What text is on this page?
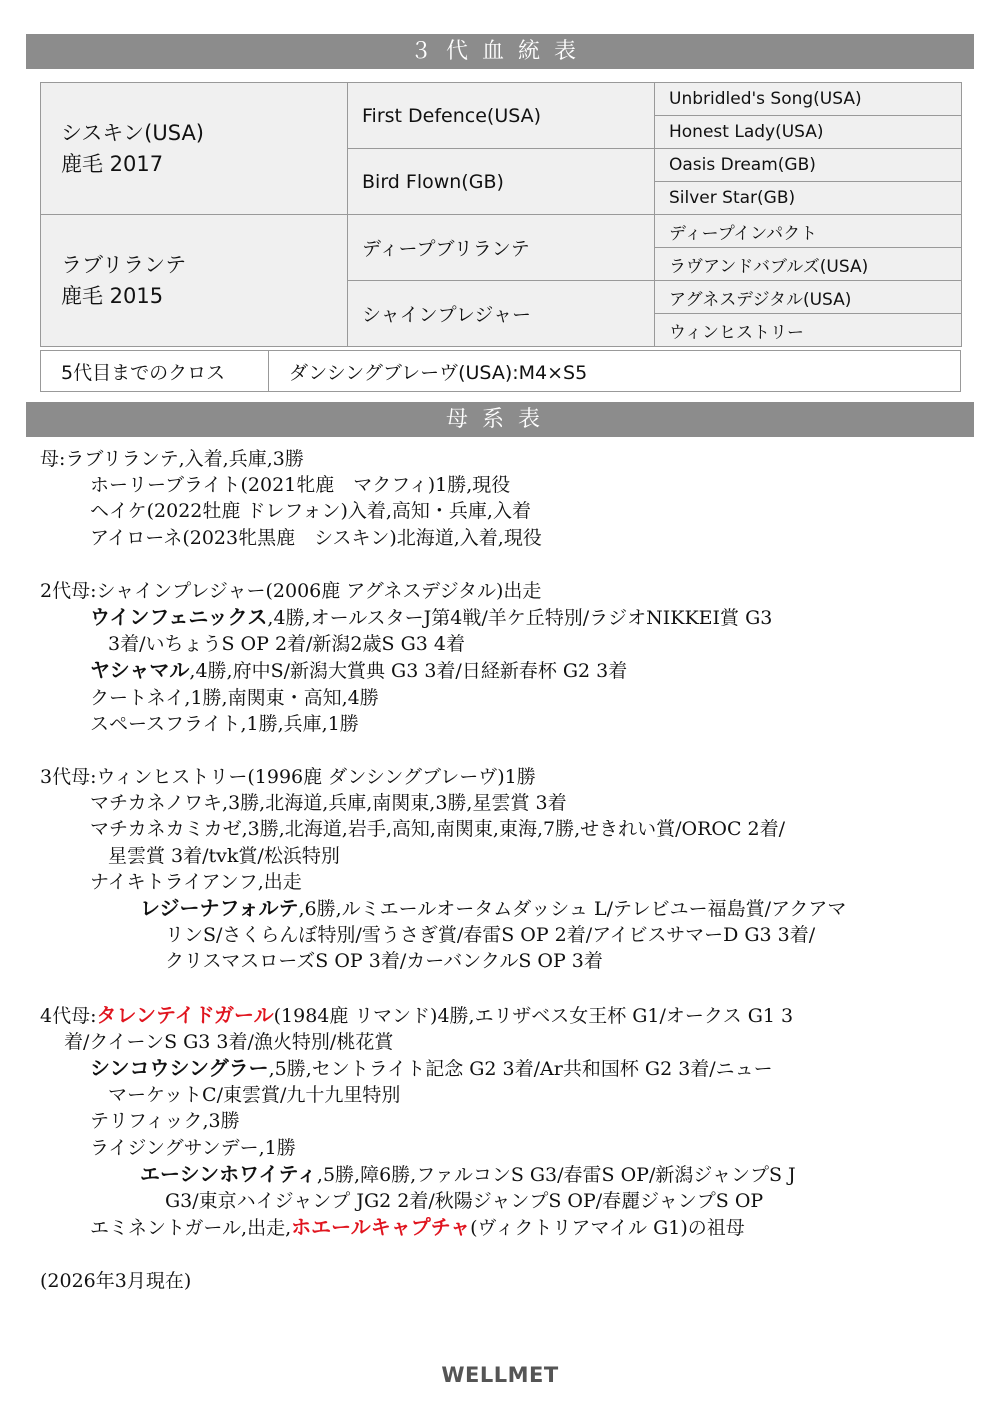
３代血統表
シスキン(USA)
鹿毛 2017	First Defence(USA)	Unbridled's Song(USA)
		Honest Lady(USA)
	Bird Flown(GB)	Oasis Dream(GB)
		Silver Star(GB)

ラブリランテ
鹿毛 2015	ディープブリランテ	ディープインパクト
		ラヴアンドバブルズ(USA)
	シャインプレジャー	アグネスデジタル(USA)
		ウィンヒストリー
5代目までのクロス	ダンシングブレーヴ(USA):M4×S5
母系表

母:ラブリランテ,入着,兵庫,3勝

ホーリーブライト(2021牝鹿　マクフィ)1勝,現役

ヘイケ(2022牡鹿 ドレフォン)入着,高知・兵庫,入着

アイローネ(2023牝黒鹿　シスキン)北海道,入着,現役

2代母:シャインプレジャー(2006鹿 アグネスデジタル)出走

ウインフェニックス,4勝,オールスターJ第4戦/羊ケ丘特別/ラジオNIKKEI賞 G3

3着/いちょうS OP 2着/新潟2歳S G3 4着

ヤシャマル,4勝,府中S/新潟大賞典 G3 3着/日経新春杯 G2 3着

クートネイ,1勝,南関東・高知,4勝

スペースフライト,1勝,兵庫,1勝

3代母:ウィンヒストリー(1996鹿 ダンシングブレーヴ)1勝

マチカネノワキ,3勝,北海道,兵庫,南関東,3勝,星雲賞 3着

マチカネカミカゼ,3勝,北海道,岩手,高知,南関東,東海,7勝,せきれい賞/OROC 2着/

星雲賞 3着/tvk賞/松浜特別

ナイキトライアンフ,出走

レジーナフォルテ,6勝,ルミエールオータムダッシュ L/テレビユー福島賞/アクアマ

リンS/さくらんぼ特別/雪うさぎ賞/春雷S OP 2着/アイビスサマーD G3 3着/

クリスマスローズS OP 3着/カーバンクルS OP 3着

4代母:タレンテイドガール(1984鹿 リマンド)4勝,エリザベス女王杯 G1/オークス G1 3

着/クイーンS G3 3着/漁火特別/桃花賞

シンコウシングラー,5勝,セントライト記念 G2 3着/Ar共和国杯 G2 3着/ニュー

マーケットC/東雲賞/九十九里特別

テリフィック,3勝

ライジングサンデー,1勝

エーシンホワイティ,5勝,障6勝,ファルコンS G3/春雷S OP/新潟ジャンプS J

G3/東京ハイジャンプ JG2 2着/秋陽ジャンプS OP/春麗ジャンプS OP

エミネントガール,出走,ホエールキャプチャ(ヴィクトリアマイル G1)の祖母

(2026年3月現在)

WELLMET
